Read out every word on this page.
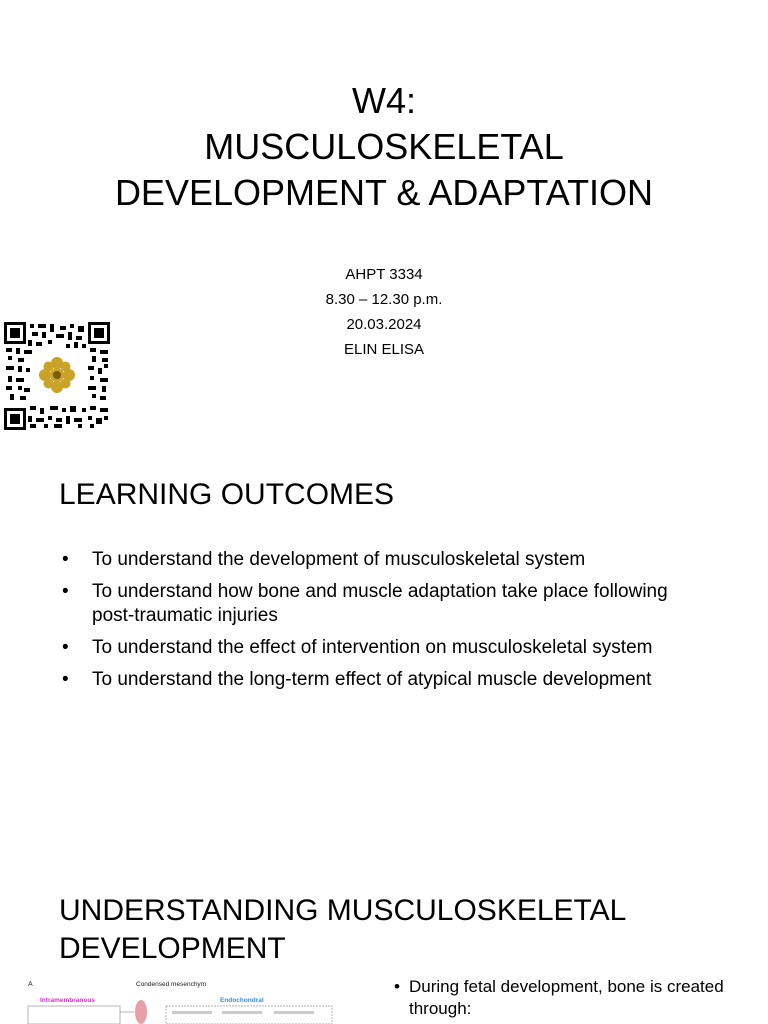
W4:
MUSCULOSKELETAL
DEVELOPMENT & ADAPTATION
AHPT 3334
8.30 – 12.30 p.m.
20.03.2024
ELIN ELISA
LEARNING OUTCOMES
• To understand the development of musculoskeletal system
• To understand how bone and muscle adaptation take place following post-traumatic injuries
• To understand the effect of intervention on musculoskeletal system
• To understand the long-term effect of atypical muscle development
UNDERSTANDING MUSCULOSKELETAL DEVELOPMENT
A	Condensed mesenchym
Intramembranous	Endochondral
• During fetal development, bone is created through:
